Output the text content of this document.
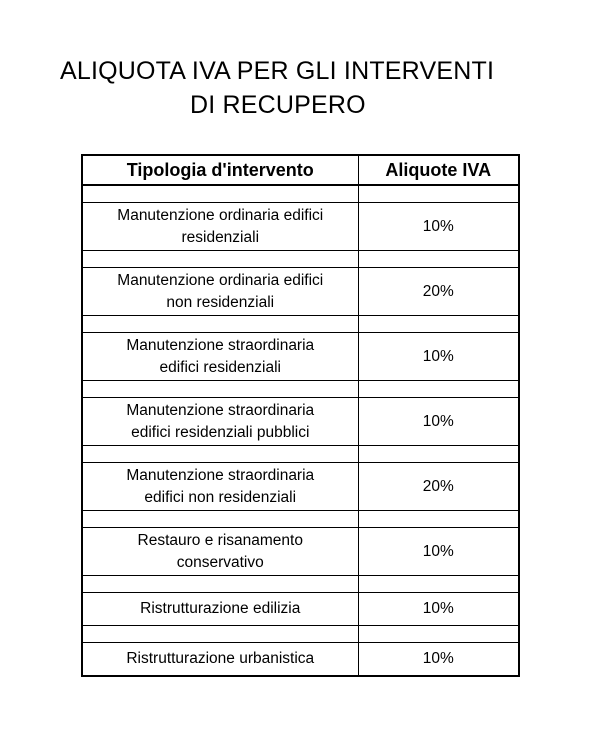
ALIQUOTA IVA PER GLI INTERVENTI
DI RECUPERO
Tipologia d'intervento	Aliquote IVA

Manutenzione ordinaria edifici
residenziali	10%

Manutenzione ordinaria edifici
non residenziali	20%

Manutenzione straordinaria
edifici residenziali	10%

Manutenzione straordinaria
edifici residenziali pubblici	10%

Manutenzione straordinaria
edifici non residenziali	20%

Restauro e risanamento
conservativo	10%

Ristrutturazione edilizia	10%

Ristrutturazione urbanistica	10%
